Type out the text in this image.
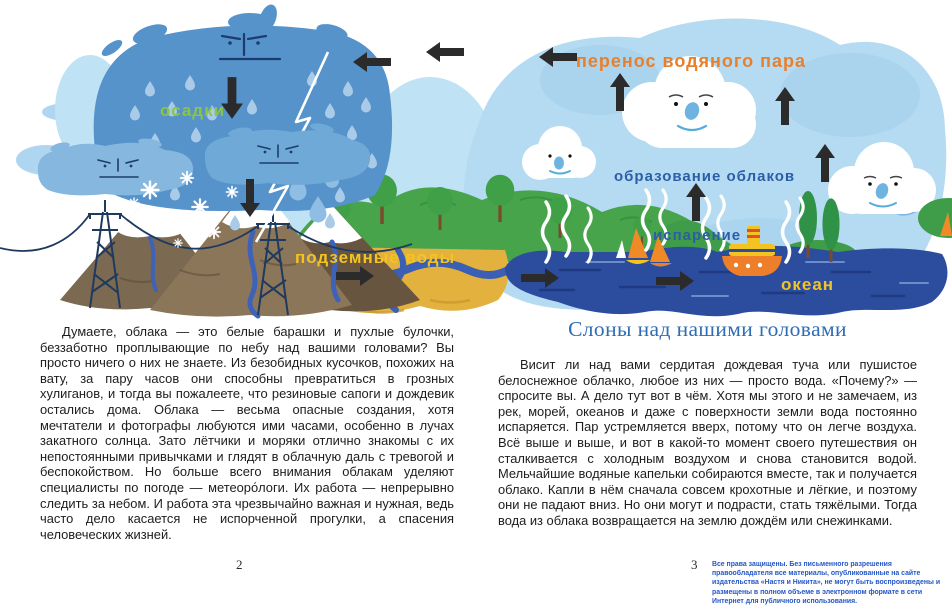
осадки
перенос водяного пара
образование облаков
испарение
подземные воды
океан
Думаете, облака — это белые барашки и пухлые булочки, беззаботно проплывающие по небу над вашими головами? Вы просто ничего о них не знаете. Из безобидных кусочков, похожих на вату, за пару часов они способны превратиться в грозных хулиганов, и тогда вы пожалеете, что резиновые сапоги и дождевик остались дома. Облака — весьма опасные создания, хотя мечтатели и фотографы любуются ими часами, особенно в лучах закатного солнца. Зато лётчики и моряки отлично знакомы с их непостоянными привычками и глядят в облачную даль с тревогой и беспокойством. Но больше всего внимания облакам уделяют специалисты по погоде — метеоро́логи. Их работа — непрерывно следить за небом. И работа эта чрезвычайно важная и нужная, ведь часто дело касается не испорченной прогулки, а спасения человеческих жизней.
Слоны над нашими головами
Висит ли над вами сердитая дождевая туча или пушистое белоснежное облачко, любое из них — просто вода. «Почему?» — спросите вы. А дело тут вот в чём. Хотя мы этого и не замечаем, из рек, морей, океанов и даже с поверхности земли вода постоянно испаряется. Пар устремляется вверх, потому что он легче воздуха. Всё выше и выше, и вот в какой-то момент своего путешествия он сталкивается с холодным воздухом и снова становится водой. Мельчайшие водяные капельки собираются вместе, так и получается облако. Капли в нём сначала совсем крохотные и лёгкие, и поэтому они не падают вниз. Но они могут и подрасти, стать тяжёлыми. Тогда вода из облака возвращается на землю дождём или снежинками.
2	3 Все права защищены. Без письменного разрешения правообладателя все материалы, опубликованные на сайте издательства «Настя и Никита», не могут быть воспроизведены и размещены в полном объеме в электронном формате в сети Интернет для публичного использования.
